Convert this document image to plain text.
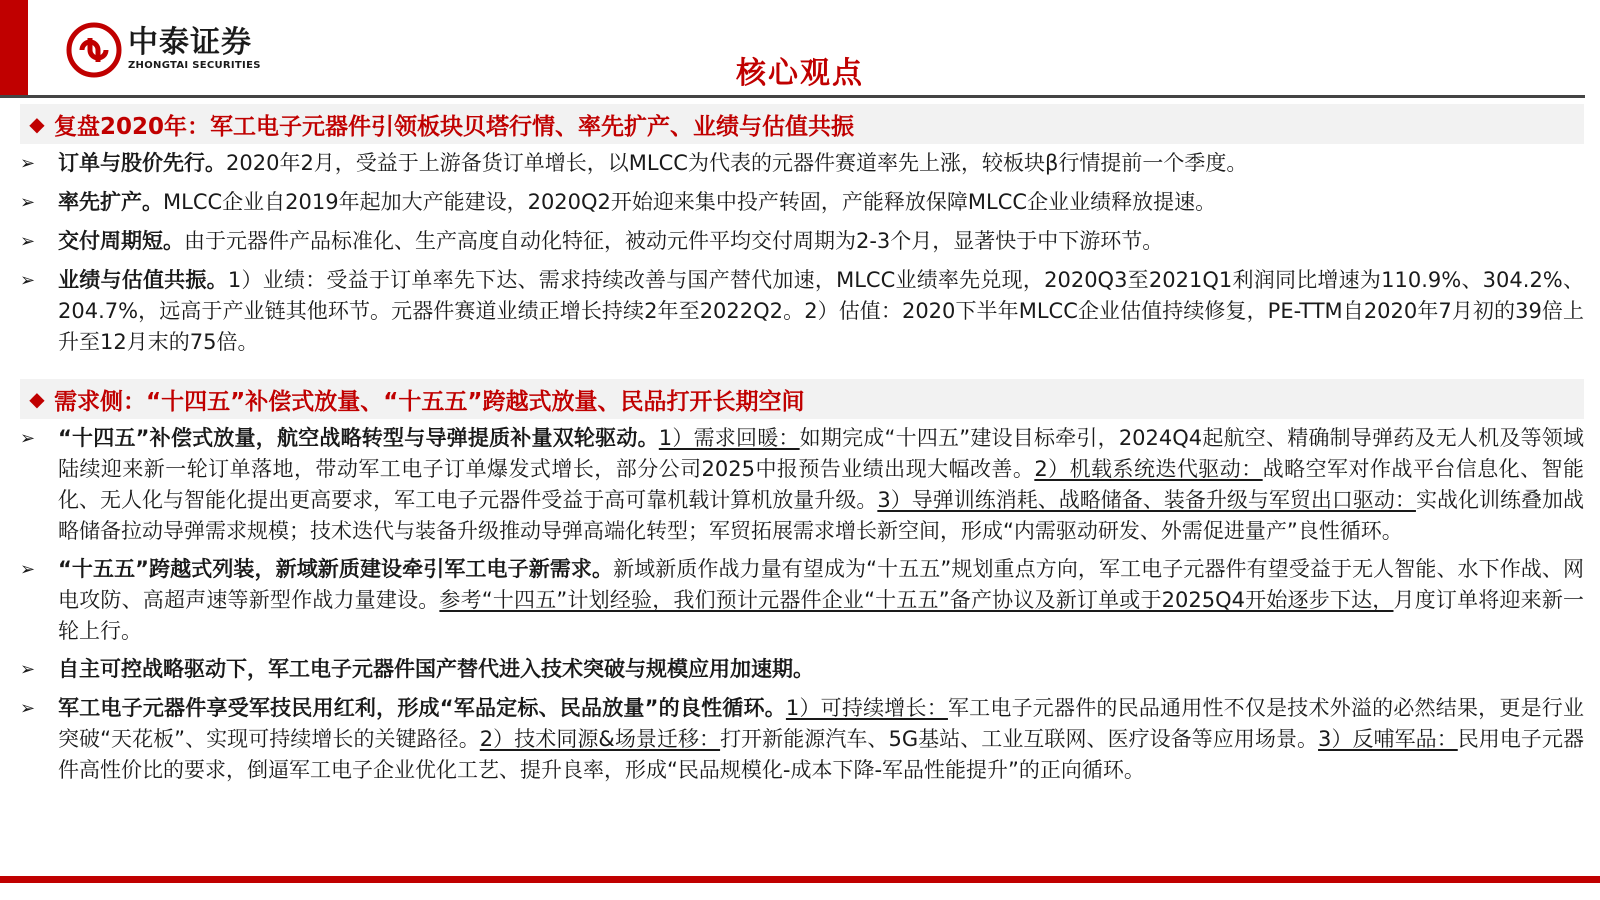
中泰证券
ZHONGTAI SECURITIES	核心观点
◆ 复盘2020年：军工电子元器件引领板块贝塔行情、率先扩产、业绩与估值共振
➢	订单与股价先行。2020年2月，受益于上游备货订单增长，以MLCC为代表的元器件赛道率先上涨，较板块β行情提前一个季度。
➢	率先扩产。MLCC企业自2019年起加大产能建设，2020Q2开始迎来集中投产转固，产能释放保障MLCC企业业绩释放提速。
➢	交付周期短。由于元器件产品标准化、生产高度自动化特征，被动元件平均交付周期为2-3个月，显著快于中下游环节。
➢	业绩与估值共振。1）业绩：受益于订单率先下达、需求持续改善与国产替代加速，MLCC业绩率先兑现，2020Q3至2021Q1利润同比增速为110.9%、304.2%、204.7%，远高于产业链其他环节。元器件赛道业绩正增长持续2年至2022Q2。2）估值：2020下半年MLCC企业估值持续修复，PE-TTM自2020年7月初的39倍上升至12月末的75倍。
◆ 需求侧：“十四五”补偿式放量、“十五五”跨越式放量、民品打开长期空间
➢	“十四五”补偿式放量，航空战略转型与导弹提质补量双轮驱动。1）需求回暖：如期完成“十四五”建设目标牵引，2024Q4起航空、精确制导弹药及无人机及等领域陆续迎来新一轮订单落地，带动军工电子订单爆发式增长，部分公司2025中报预告业绩出现大幅改善。2）机载系统迭代驱动：战略空军对作战平台信息化、智能化、无人化与智能化提出更高要求，军工电子元器件受益于高可靠机载计算机放量升级。3）导弹训练消耗、战略储备、装备升级与军贸出口驱动：实战化训练叠加战略储备拉动导弹需求规模；技术迭代与装备升级推动导弹高端化转型；军贸拓展需求增长新空间，形成“内需驱动研发、外需促进量产”良性循环。
➢	“十五五”跨越式列装，新域新质建设牵引军工电子新需求。新域新质作战力量有望成为“十五五”规划重点方向，军工电子元器件有望受益于无人智能、水下作战、网电攻防、高超声速等新型作战力量建设。参考“十四五”计划经验，我们预计元器件企业“十五五”备产协议及新订单或于2025Q4开始逐步下达，月度订单将迎来新一轮上行。
➢	自主可控战略驱动下，军工电子元器件国产替代进入技术突破与规模应用加速期。
➢	军工电子元器件享受军技民用红利，形成“军品定标、民品放量”的良性循环。1）可持续增长：军工电子元器件的民品通用性不仅是技术外溢的必然结果，更是行业突破“天花板”、实现可持续增长的关键路径。2）技术同源&场景迁移：打开新能源汽车、5G基站、工业互联网、医疗设备等应用场景。3）反哺军品：民用电子元器件高性价比的要求，倒逼军工电子企业优化工艺、提升良率，形成“民品规模化-成本下降-军品性能提升”的正向循环。
